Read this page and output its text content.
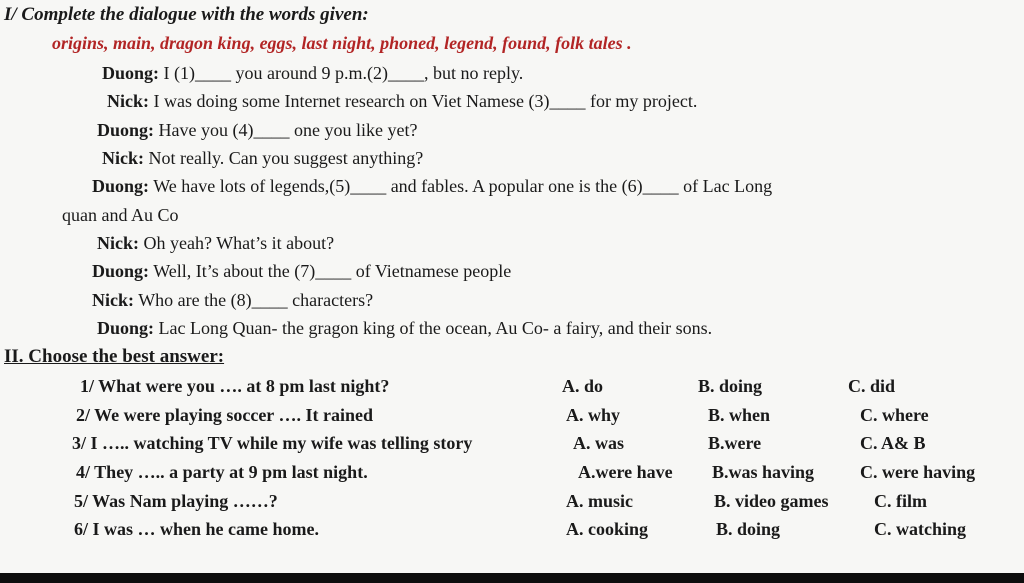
I/ Complete the dialogue with the words given:
origins, main, dragon king, eggs, last night, phoned, legend, found, folk tales .
Duong: I (1)____ you around 9 p.m.(2)____, but no reply.
Nick: I was doing some Internet research on Viet Namese (3)____ for my project.
Duong: Have you (4)____ one you like yet?
Nick: Not really. Can you suggest anything?
Duong: We have lots of legends,(5)____ and fables. A popular one is the (6)____ of Lac Long
quan and Au Co
Nick: Oh yeah? What’s it about?
Duong: Well, It’s about the (7)____ of Vietnamese people
Nick: Who are the (8)____ characters?
Duong: Lac Long Quan- the gragon king of the ocean, Au Co- a fairy, and their sons.
II. Choose the best answer:
1/ What were you …. at 8 pm last night?	A. do	B. doing	C. did
2/ We were playing soccer …. It rained	A. why	B. when	C. where
3/ I ….. watching TV while my wife was telling story	A. was	B.were	C. A& B
4/ They ….. a party at 9 pm last night.	A.were have B.was having	C. were having
5/ Was Nam playing ……?	A. music	B. video games	C. film
6/ I was … when he came home.	A. cooking	B. doing	C. watching
